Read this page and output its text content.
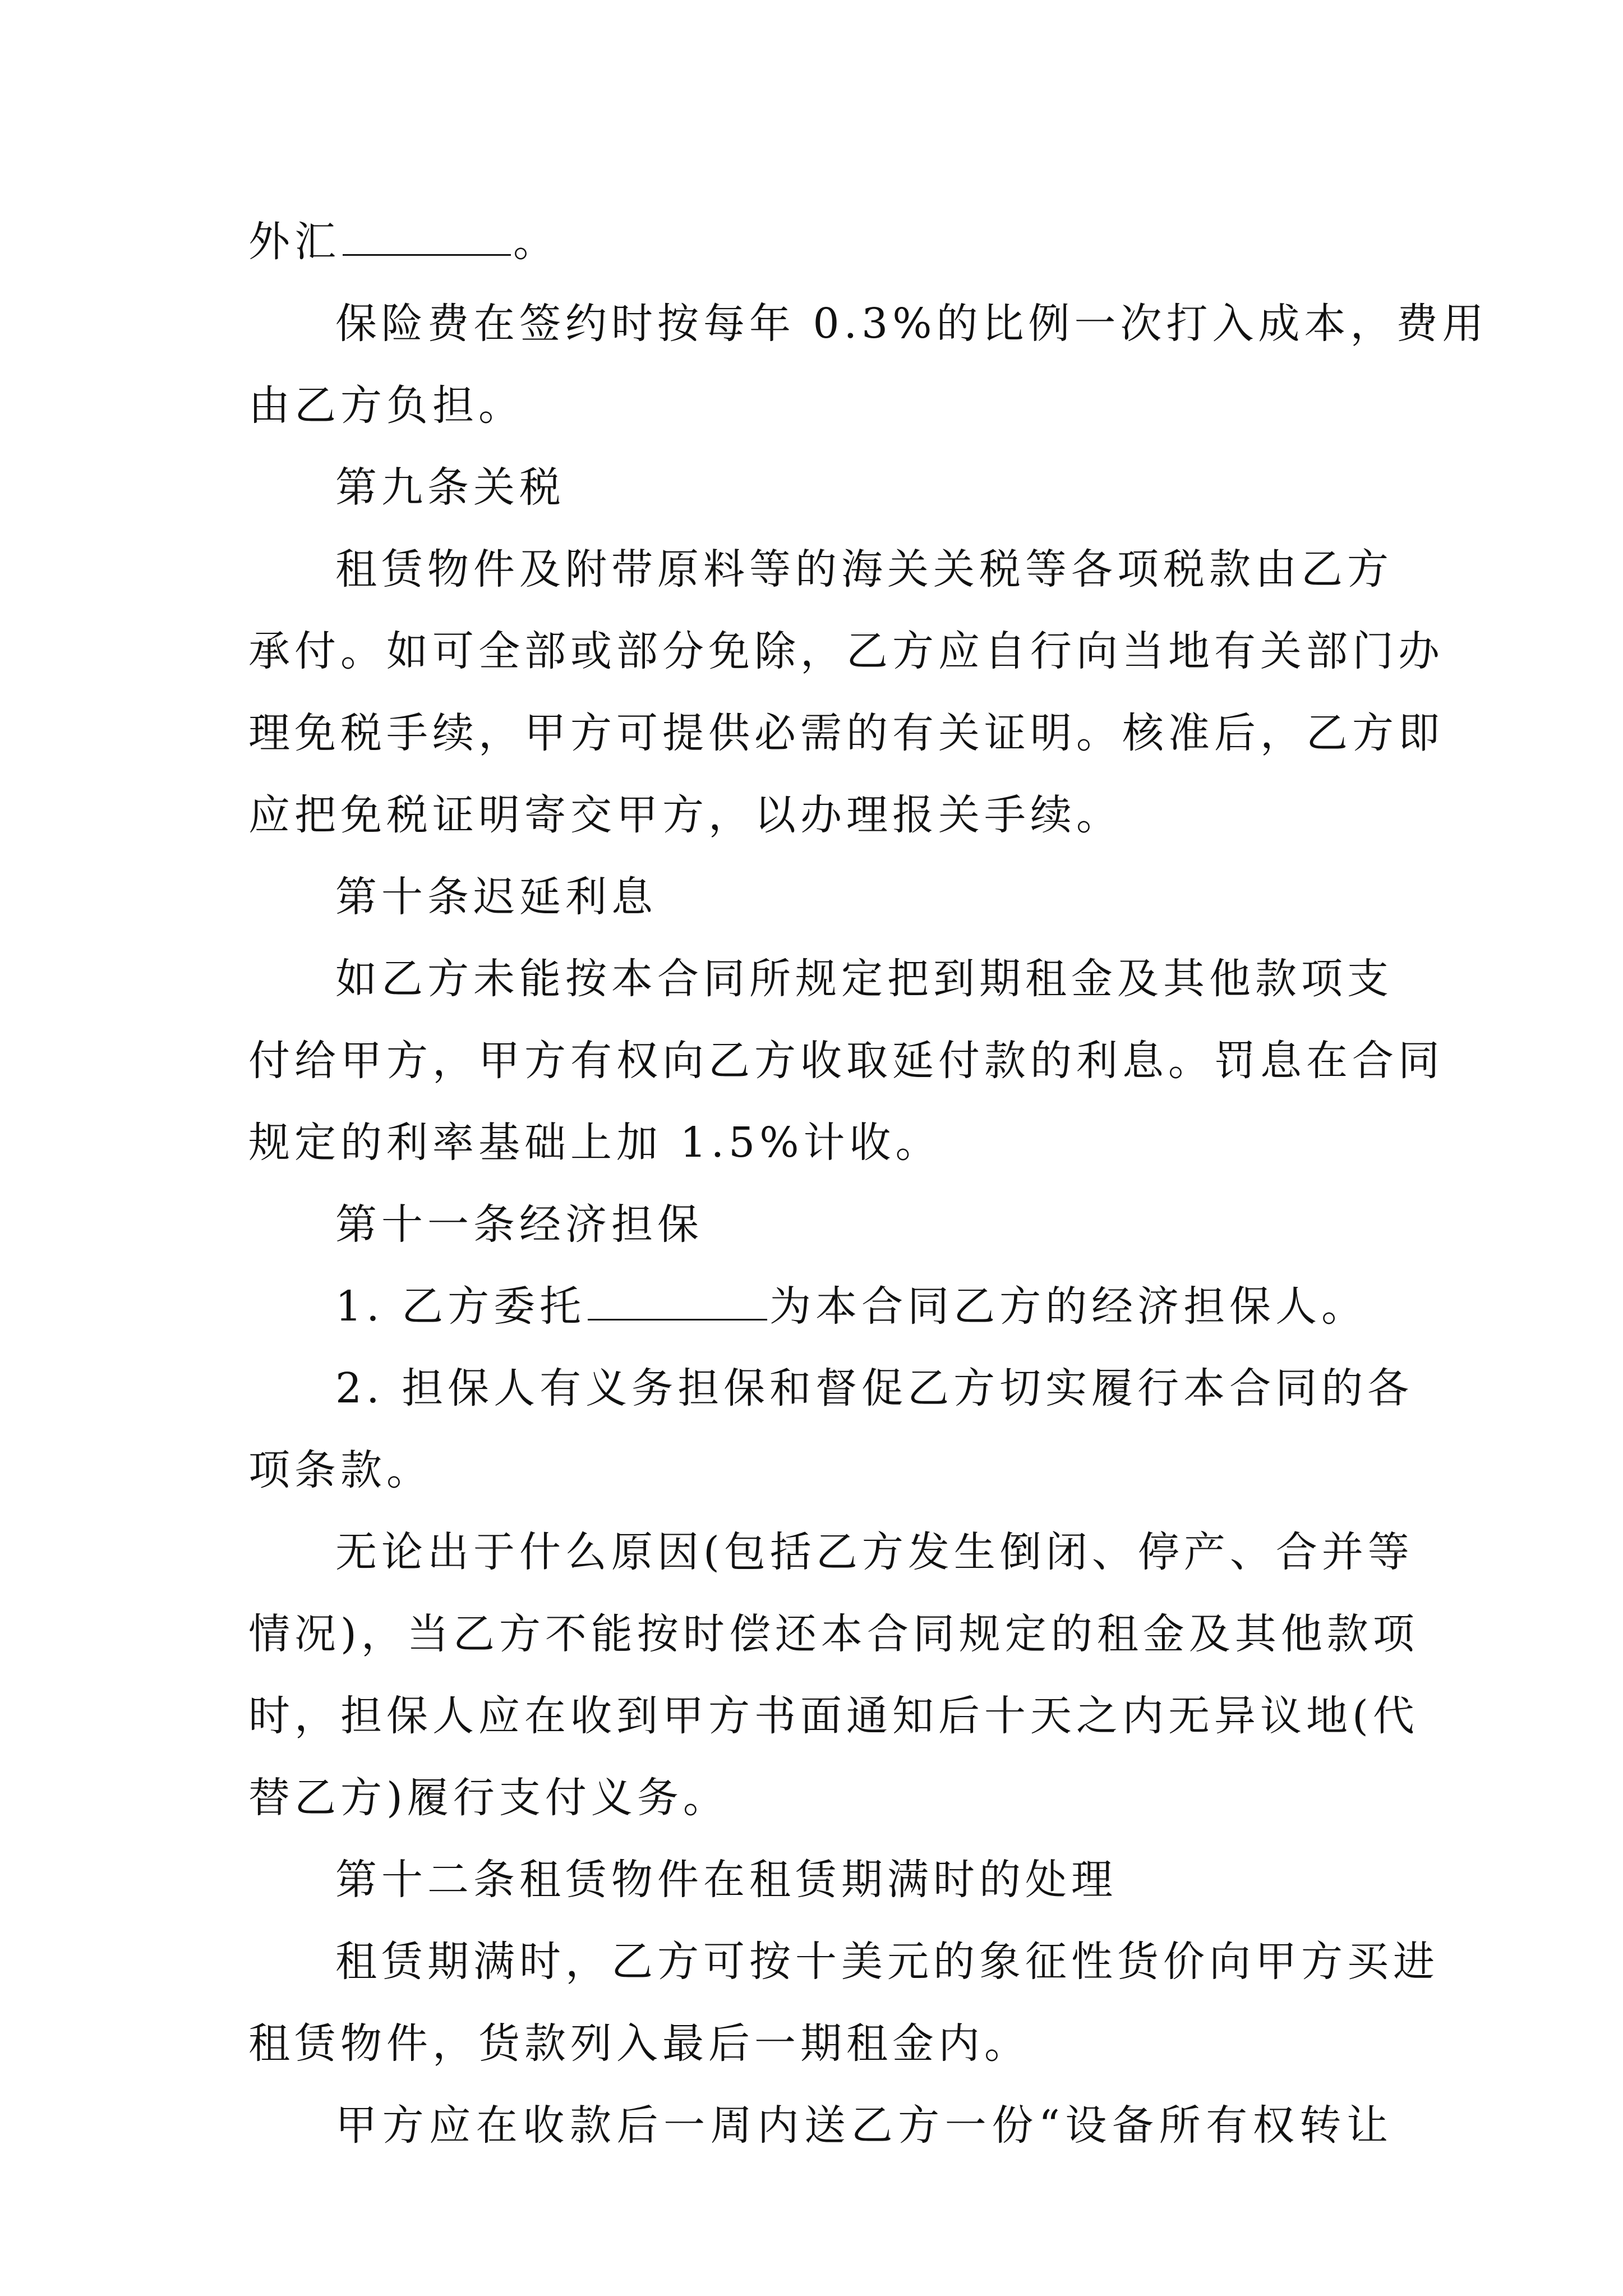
外汇	。
保险费在签约时按每年 0.3%的比例一次打入成本，费用
由乙方负担。
第九条关税
租赁物件及附带原料等的海关关税等各项税款由乙方
承付。如可全部或部分免除，乙方应自行向当地有关部门办
理免税手续，甲方可提供必需的有关证明。核准后，乙方即
应把免税证明寄交甲方，以办理报关手续。
第十条迟延利息
如乙方未能按本合同所规定把到期租金及其他款项支
付给甲方，甲方有权向乙方收取延付款的利息。罚息在合同
规定的利率基础上加 1.5%计收。
第十一条经济担保
1. 乙方委托	为本合同乙方的经济担保人。
2. 担保人有义务担保和督促乙方切实履行本合同的各
项条款。
无论出于什么原因(包括乙方发生倒闭、停产、合并等
情况)，当乙方不能按时偿还本合同规定的租金及其他款项
时，担保人应在收到甲方书面通知后十天之内无异议地(代
替乙方)履行支付义务。
第十二条租赁物件在租赁期满时的处理
租赁期满时，乙方可按十美元的象征性货价向甲方买进
租赁物件，货款列入最后一期租金内。
甲方应在收款后一周内送乙方一份“设备所有权转让
